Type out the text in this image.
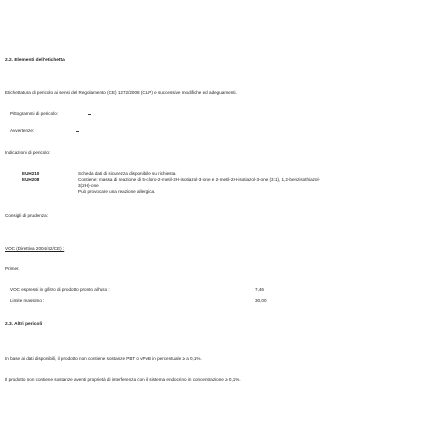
2.2. Elementi dell'etichetta
Etichettatura di pericolo ai sensi del Regolamento (CE) 1272/2008 (CLP) e successive modifiche ed adeguamenti.
Pittogrammi di pericolo:
Avvertenze:
Indicazioni di pericolo:
EUH210	Scheda dati di sicurezza disponibile su richiesta.
EUH208	Contiene: massa di reazione di 5-cloro-2-metil-2H-isotiazol-3-one e 2-metil-2H-isotiazol-3-one (3:1), 1,2-benzisothiazol-
3(2H)-one
Può provocare una reazione allergica.
Consigli di prudenza:
VOC (Direttiva 2004/42/CE) :
Primer.
VOC espressi in g/litro di prodotto pronto all'uso :	7,46
Limite massimo :	30,00
2.3. Altri pericoli
In base ai dati disponibili, il prodotto non contiene sostanze PBT o vPvB in percentuale ≥ a 0,1%.
Il prodotto non contiene sostanze aventi proprietà di interferenza con il sistema endocrino in concentrazione ≥ 0,1%.
